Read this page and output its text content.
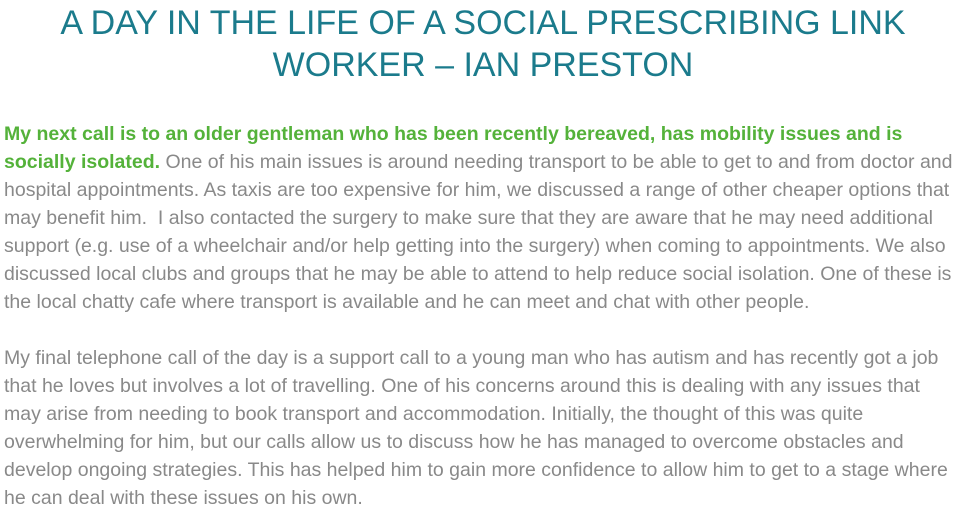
A DAY IN THE LIFE OF A SOCIAL PRESCRIBING LINK WORKER – IAN PRESTON

My next call is to an older gentleman who has been recently bereaved, has mobility issues and is socially isolated. One of his main issues is around needing transport to be able to get to and from doctor and hospital appointments. As taxis are too expensive for him, we discussed a range of other cheaper options that may benefit him.  I also contacted the surgery to make sure that they are aware that he may need additional support (e.g. use of a wheelchair and/or help getting into the surgery) when coming to appointments. We also discussed local clubs and groups that he may be able to attend to help reduce social isolation. One of these is the local chatty cafe where transport is available and he can meet and chat with other people.

My final telephone call of the day is a support call to a young man who has autism and has recently got a job that he loves but involves a lot of travelling. One of his concerns around this is dealing with any issues that may arise from needing to book transport and accommodation. Initially, the thought of this was quite overwhelming for him, but our calls allow us to discuss how he has managed to overcome obstacles and develop ongoing strategies. This has helped him to gain more confidence to allow him to get to a stage where he can deal with these issues on his own.
